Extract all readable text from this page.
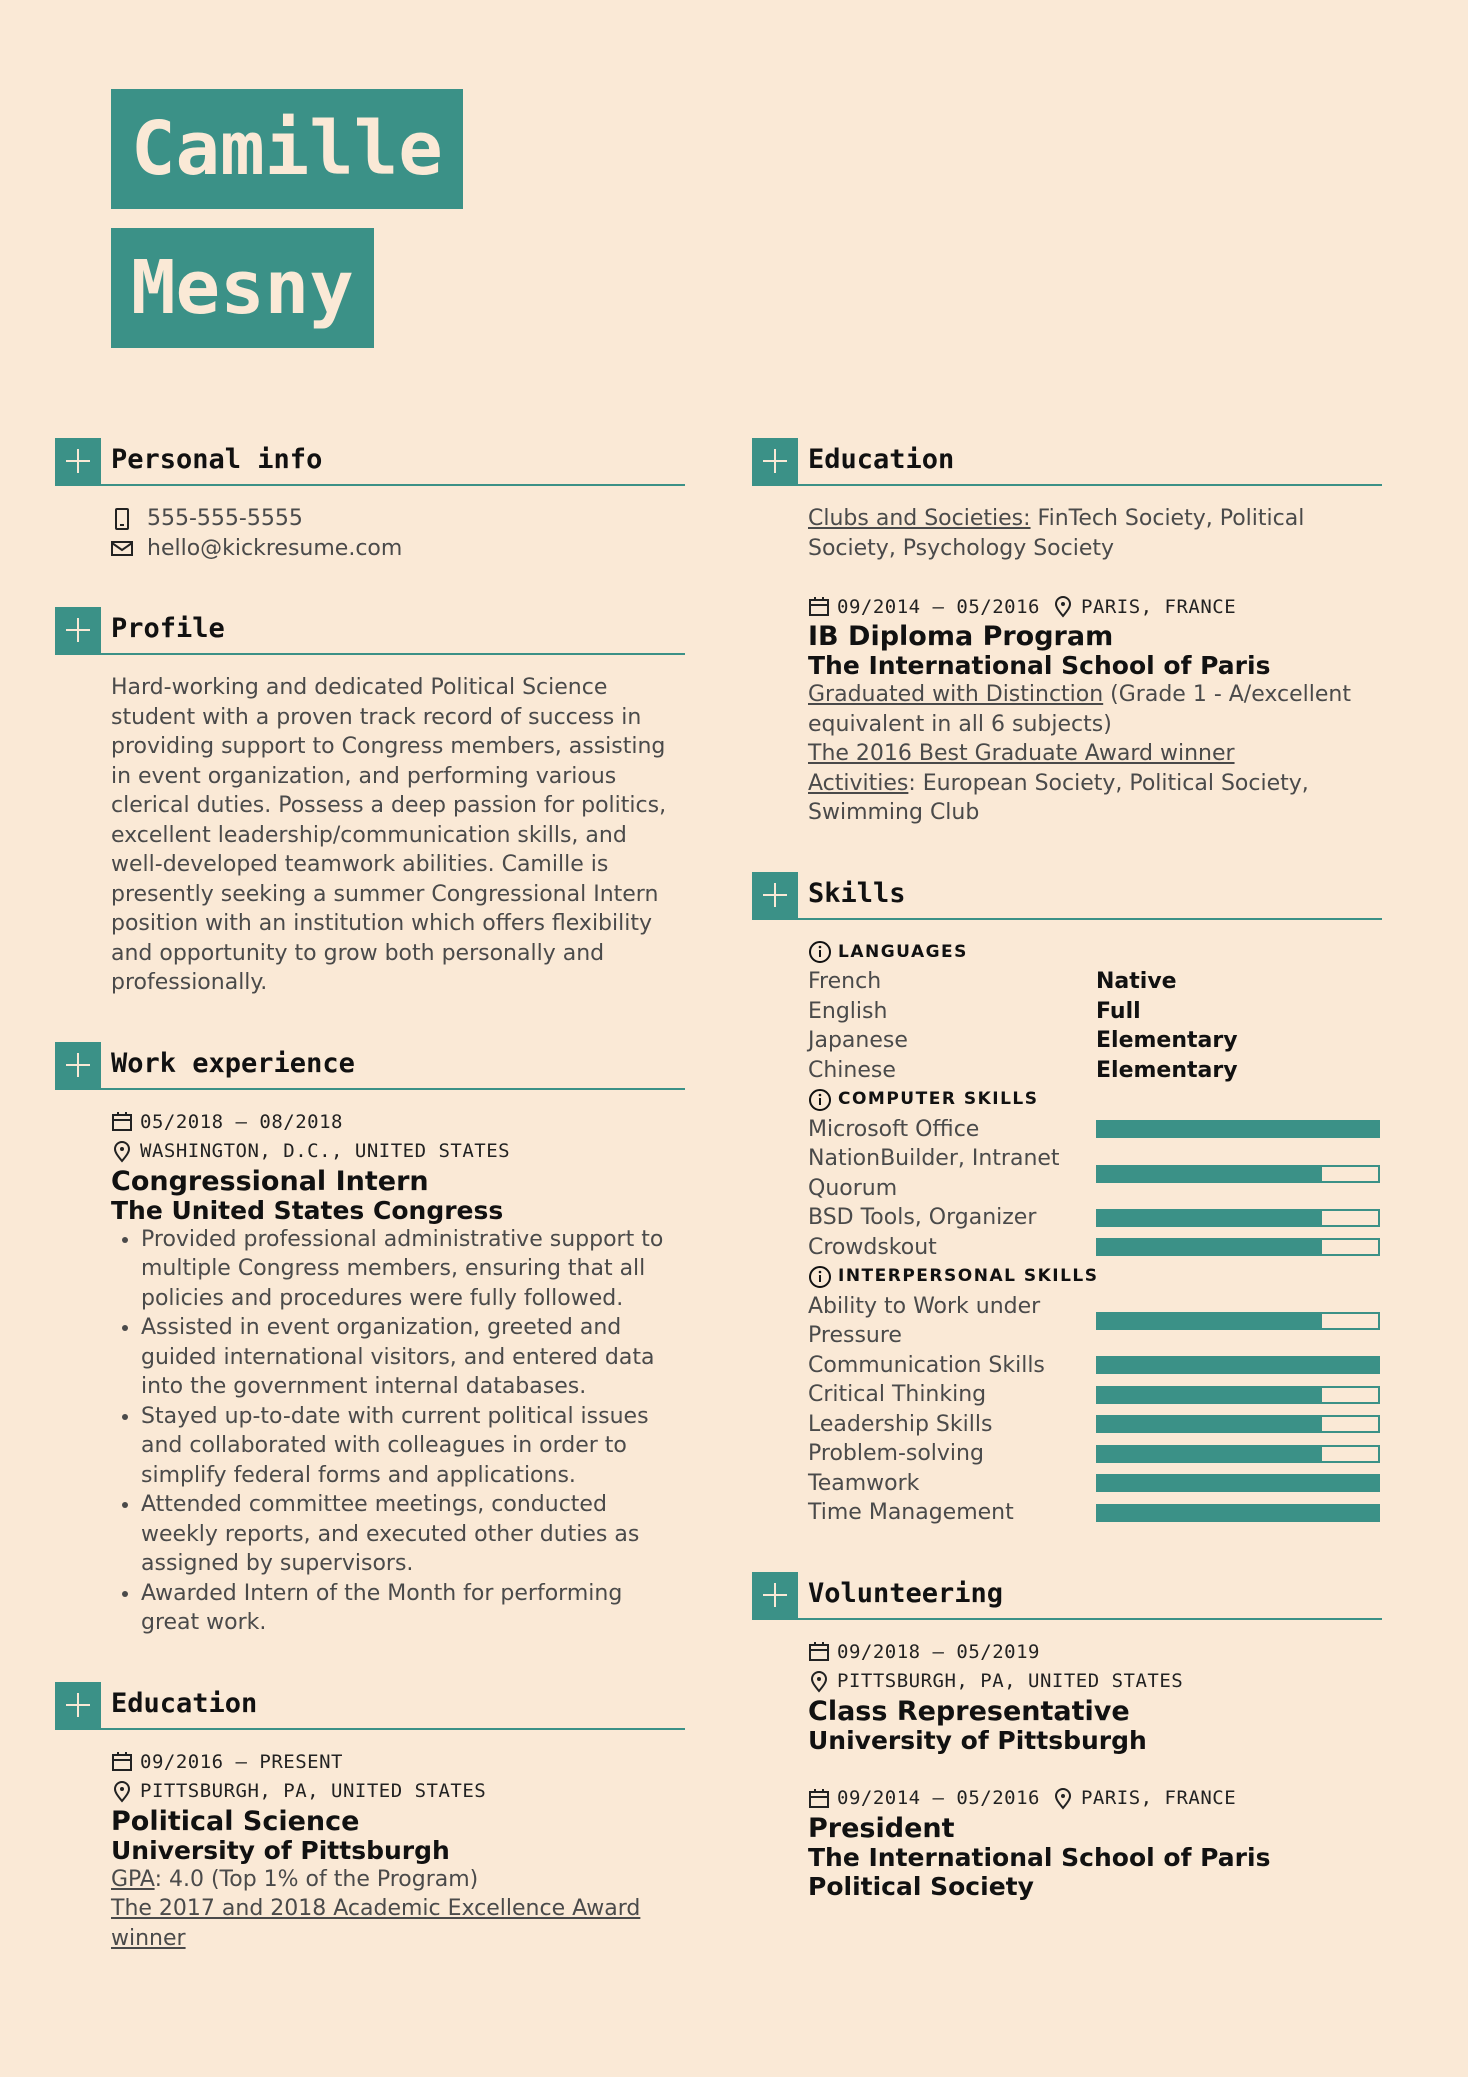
Camille
Mesny
Personal info
555-555-5555
hello@kickresume.com
Profile
Hard-working and dedicated Political Science student with a proven track record of success in providing support to Congress members, assisting in event organization, and performing various clerical duties. Possess a deep passion for politics, excellent leadership/communication skills, and well-developed teamwork abilities. Camille is presently seeking a summer Congressional Intern position with an institution which offers flexibility and opportunity to grow both personally and professionally.
Work experience
05/2018 – 08/2018
WASHINGTON, D.C., UNITED STATES
Congressional Intern
The United States Congress
• Provided professional administrative support to multiple Congress members, ensuring that all policies and procedures were fully followed.
• Assisted in event organization, greeted and guided international visitors, and entered data into the government internal databases.
• Stayed up-to-date with current political issues and collaborated with colleagues in order to simplify federal forms and applications.
• Attended committee meetings, conducted weekly reports, and executed other duties as assigned by supervisors.
• Awarded Intern of the Month for performing great work.
Education
09/2016 – PRESENT
PITTSBURGH, PA, UNITED STATES
Political Science
University of Pittsburgh
GPA: 4.0 (Top 1% of the Program)
The 2017 and 2018 Academic Excellence Award winner
Education
Clubs and Societies: FinTech Society, Political Society, Psychology Society
09/2014 – 05/2016 PARIS, FRANCE
IB Diploma Program
The International School of Paris
Graduated with Distinction (Grade 1 - A/excellent equivalent in all 6 subjects)
The 2016 Best Graduate Award winner
Activities: European Society, Political Society, Swimming Club
Skills
LANGUAGES
French	Native
English	Full
Japanese	Elementary
Chinese	Elementary
COMPUTER SKILLS
Microsoft Office
NationBuilder, Intranet Quorum
BSD Tools, Organizer
Crowdskout
INTERPERSONAL SKILLS
Ability to Work under Pressure
Communication Skills
Critical Thinking
Leadership Skills
Problem-solving
Teamwork
Time Management
Volunteering
09/2018 – 05/2019
PITTSBURGH, PA, UNITED STATES
Class Representative
University of Pittsburgh
09/2014 – 05/2016 PARIS, FRANCE
President
The International School of Paris Political Society
